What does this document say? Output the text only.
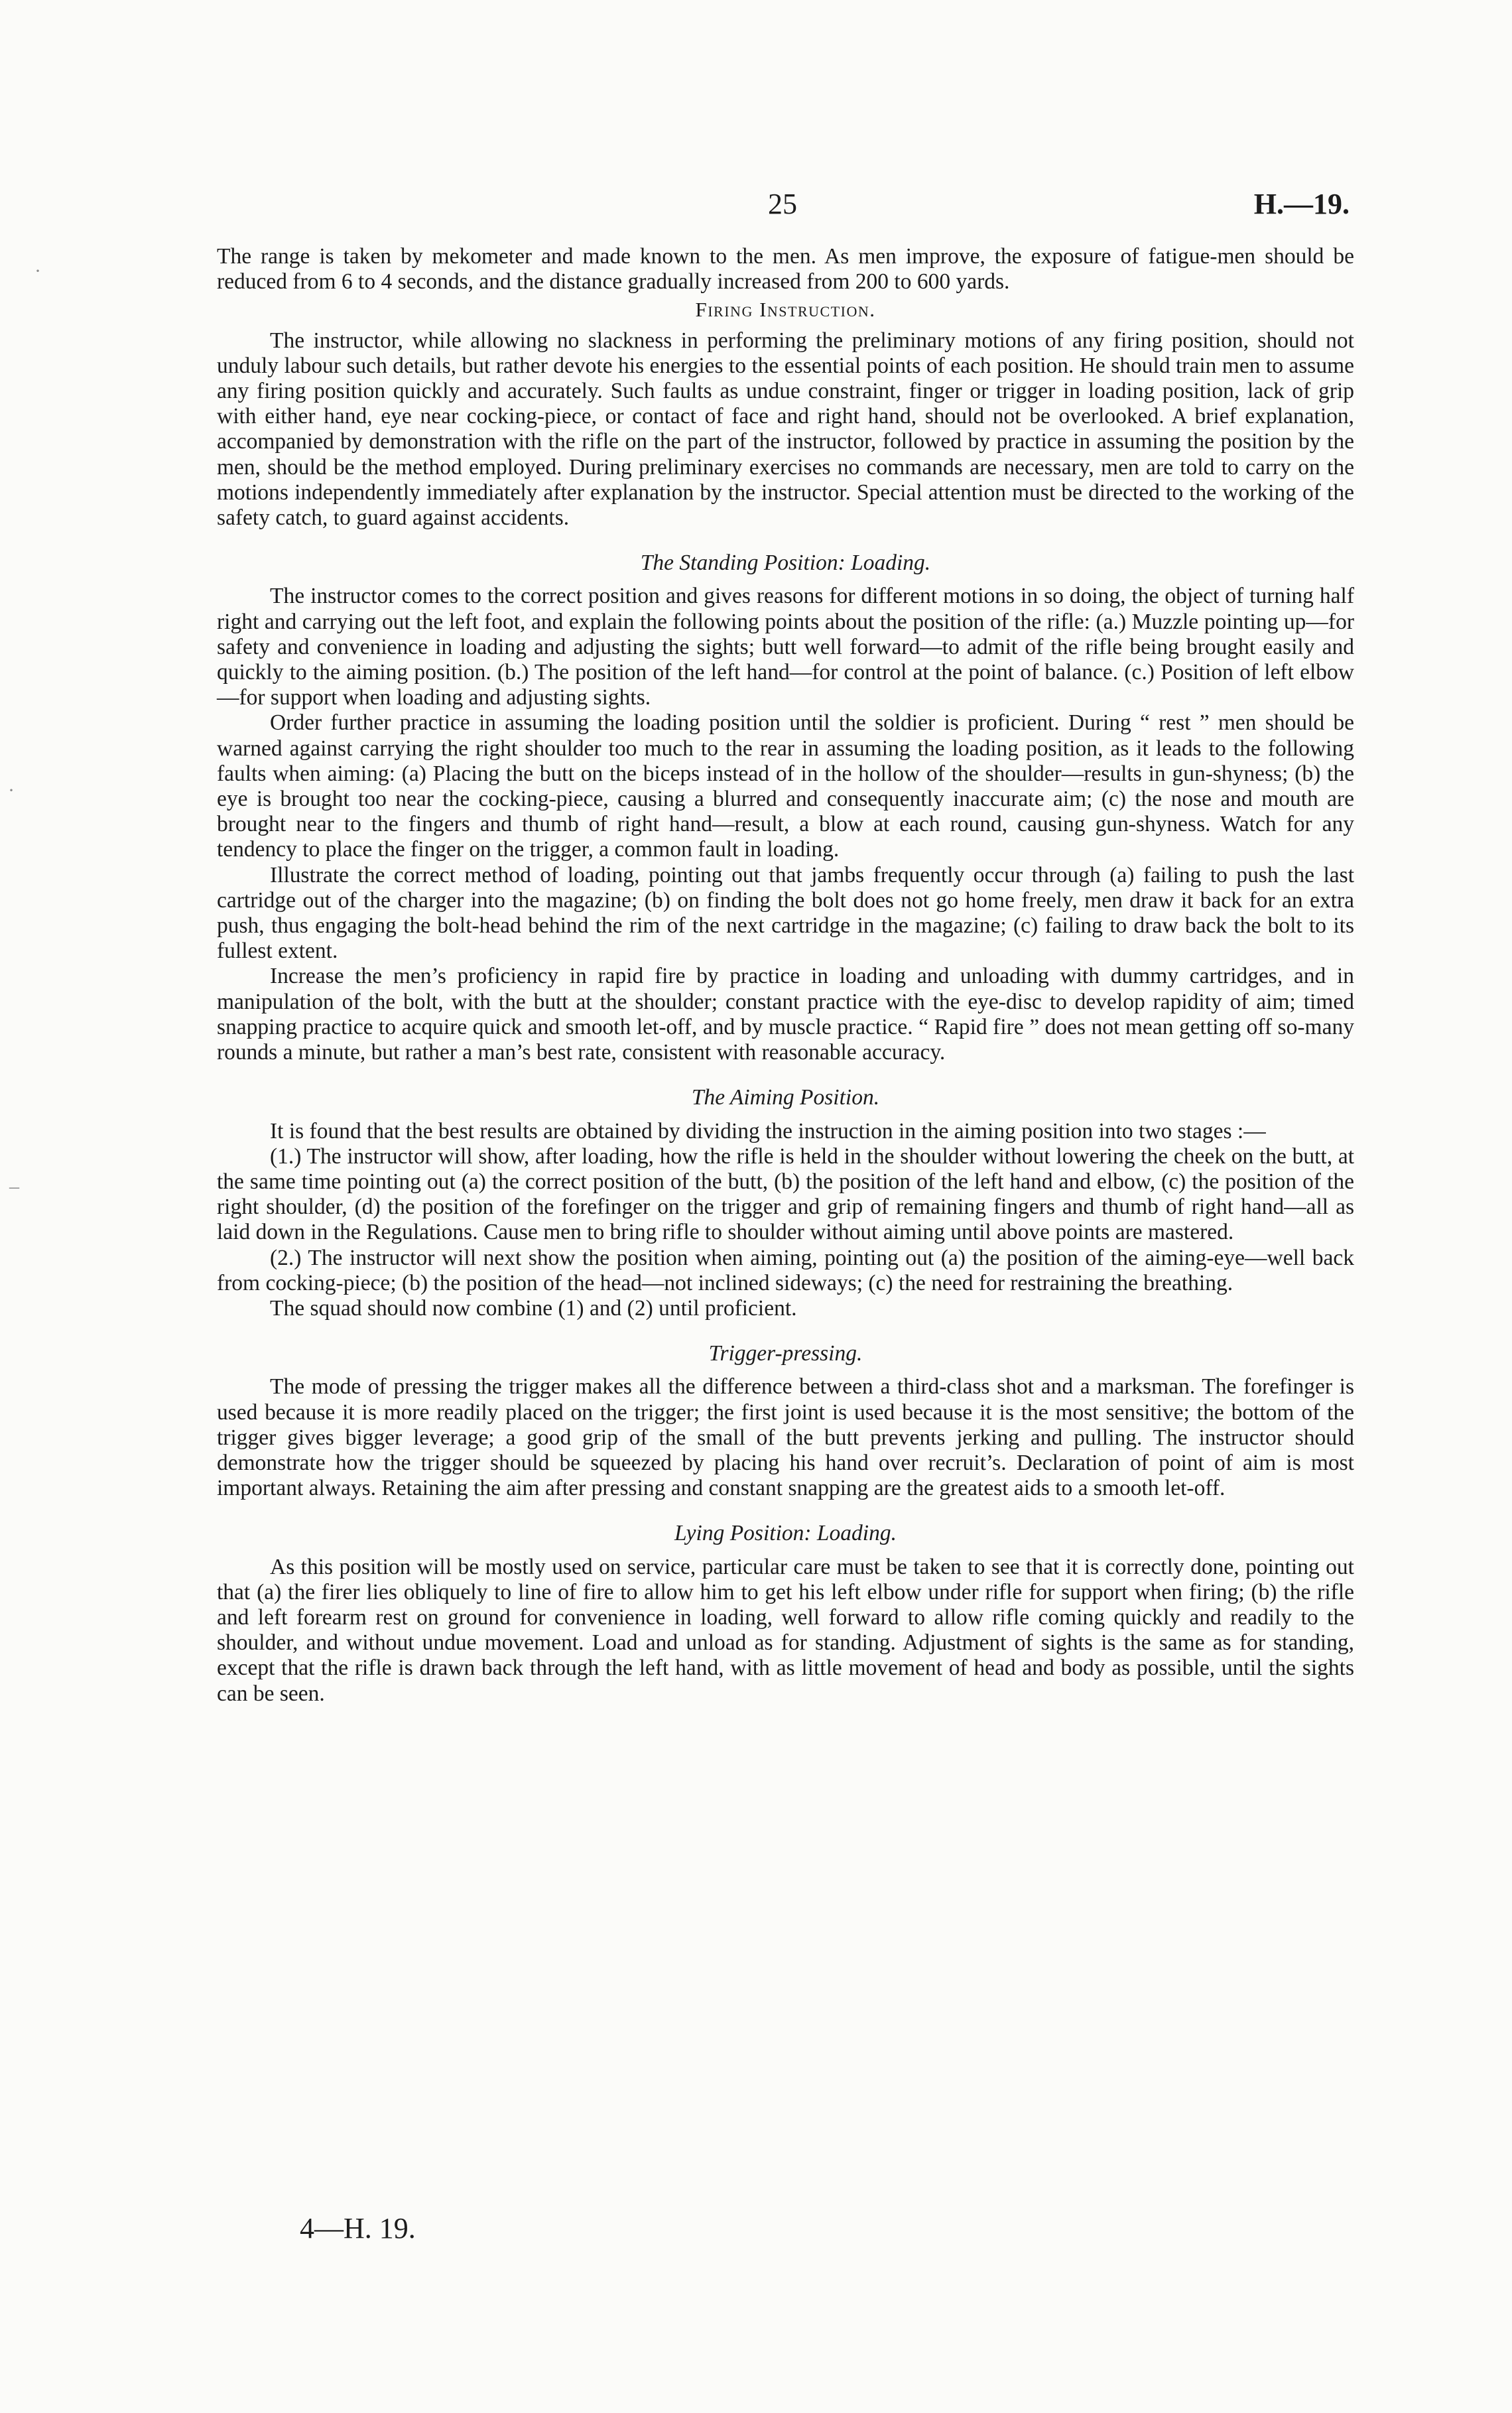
25	H.—19.

The range is taken by mekometer and made known to the men. As men improve, the exposure of fatigue-men should be reduced from 6 to 4 seconds, and the distance gradually increased from 200 to 600 yards.

Firing Instruction.

The instructor, while allowing no slackness in performing the preliminary motions of any firing position, should not unduly labour such details, but rather devote his energies to the essential points of each position. He should train men to assume any firing position quickly and accurately. Such faults as undue constraint, finger or trigger in loading position, lack of grip with either hand, eye near cocking-piece, or contact of face and right hand, should not be overlooked. A brief explanation, accompanied by demonstration with the rifle on the part of the instructor, followed by practice in assuming the position by the men, should be the method employed. During preliminary exercises no commands are necessary, men are told to carry on the motions independently immediately after explanation by the instructor. Special attention must be directed to the working of the safety catch, to guard against accidents.

The Standing Position: Loading.

The instructor comes to the correct position and gives reasons for different motions in so doing, the object of turning half right and carrying out the left foot, and explain the following points about the position of the rifle: (a.) Muzzle pointing up—for safety and convenience in loading and adjusting the sights; butt well forward—to admit of the rifle being brought easily and quickly to the aiming position. (b.) The position of the left hand—for control at the point of balance. (c.) Position of left elbow—for support when loading and adjusting sights.

Order further practice in assuming the loading position until the soldier is proficient. During “ rest ” men should be warned against carrying the right shoulder too much to the rear in assuming the loading position, as it leads to the following faults when aiming: (a) Placing the butt on the biceps instead of in the hollow of the shoulder—results in gun-shyness; (b) the eye is brought too near the cocking-piece, causing a blurred and consequently inaccurate aim; (c) the nose and mouth are brought near to the fingers and thumb of right hand—result, a blow at each round, causing gun-shyness. Watch for any tendency to place the finger on the trigger, a common fault in loading.

Illustrate the correct method of loading, pointing out that jambs frequently occur through (a) failing to push the last cartridge out of the charger into the magazine; (b) on finding the bolt does not go home freely, men draw it back for an extra push, thus engaging the bolt-head behind the rim of the next cartridge in the magazine; (c) failing to draw back the bolt to its fullest extent.

Increase the men’s proficiency in rapid fire by practice in loading and unloading with dummy cartridges, and in manipulation of the bolt, with the butt at the shoulder; constant practice with the eye-disc to develop rapidity of aim; timed snapping practice to acquire quick and smooth let-off, and by muscle practice. “ Rapid fire ” does not mean getting off so-many rounds a minute, but rather a man’s best rate, consistent with reasonable accuracy.

The Aiming Position.

It is found that the best results are obtained by dividing the instruction in the aiming position into two stages :—

(1.) The instructor will show, after loading, how the rifle is held in the shoulder without lowering the cheek on the butt, at the same time pointing out (a) the correct position of the butt, (b) the position of the left hand and elbow, (c) the position of the right shoulder, (d) the position of the forefinger on the trigger and grip of remaining fingers and thumb of right hand—all as laid down in the Regulations. Cause men to bring rifle to shoulder without aiming until above points are mastered.

(2.) The instructor will next show the position when aiming, pointing out (a) the position of the aiming-eye—well back from cocking-piece; (b) the position of the head—not inclined sideways; (c) the need for restraining the breathing.

The squad should now combine (1) and (2) until proficient.

Trigger-pressing.

The mode of pressing the trigger makes all the difference between a third-class shot and a marksman. The forefinger is used because it is more readily placed on the trigger; the first joint is used because it is the most sensitive; the bottom of the trigger gives bigger leverage; a good grip of the small of the butt prevents jerking and pulling. The instructor should demonstrate how the trigger should be squeezed by placing his hand over recruit’s. Declaration of point of aim is most important always. Retaining the aim after pressing and constant snapping are the greatest aids to a smooth let-off.

Lying Position: Loading.

As this position will be mostly used on service, particular care must be taken to see that it is correctly done, pointing out that (a) the firer lies obliquely to line of fire to allow him to get his left elbow under rifle for support when firing; (b) the rifle and left forearm rest on ground for convenience in loading, well forward to allow rifle coming quickly and readily to the shoulder, and without undue movement. Load and unload as for standing. Adjustment of sights is the same as for standing, except that the rifle is drawn back through the left hand, with as little movement of head and body as possible, until the sights can be seen.

4—H. 19.
·
·
–
